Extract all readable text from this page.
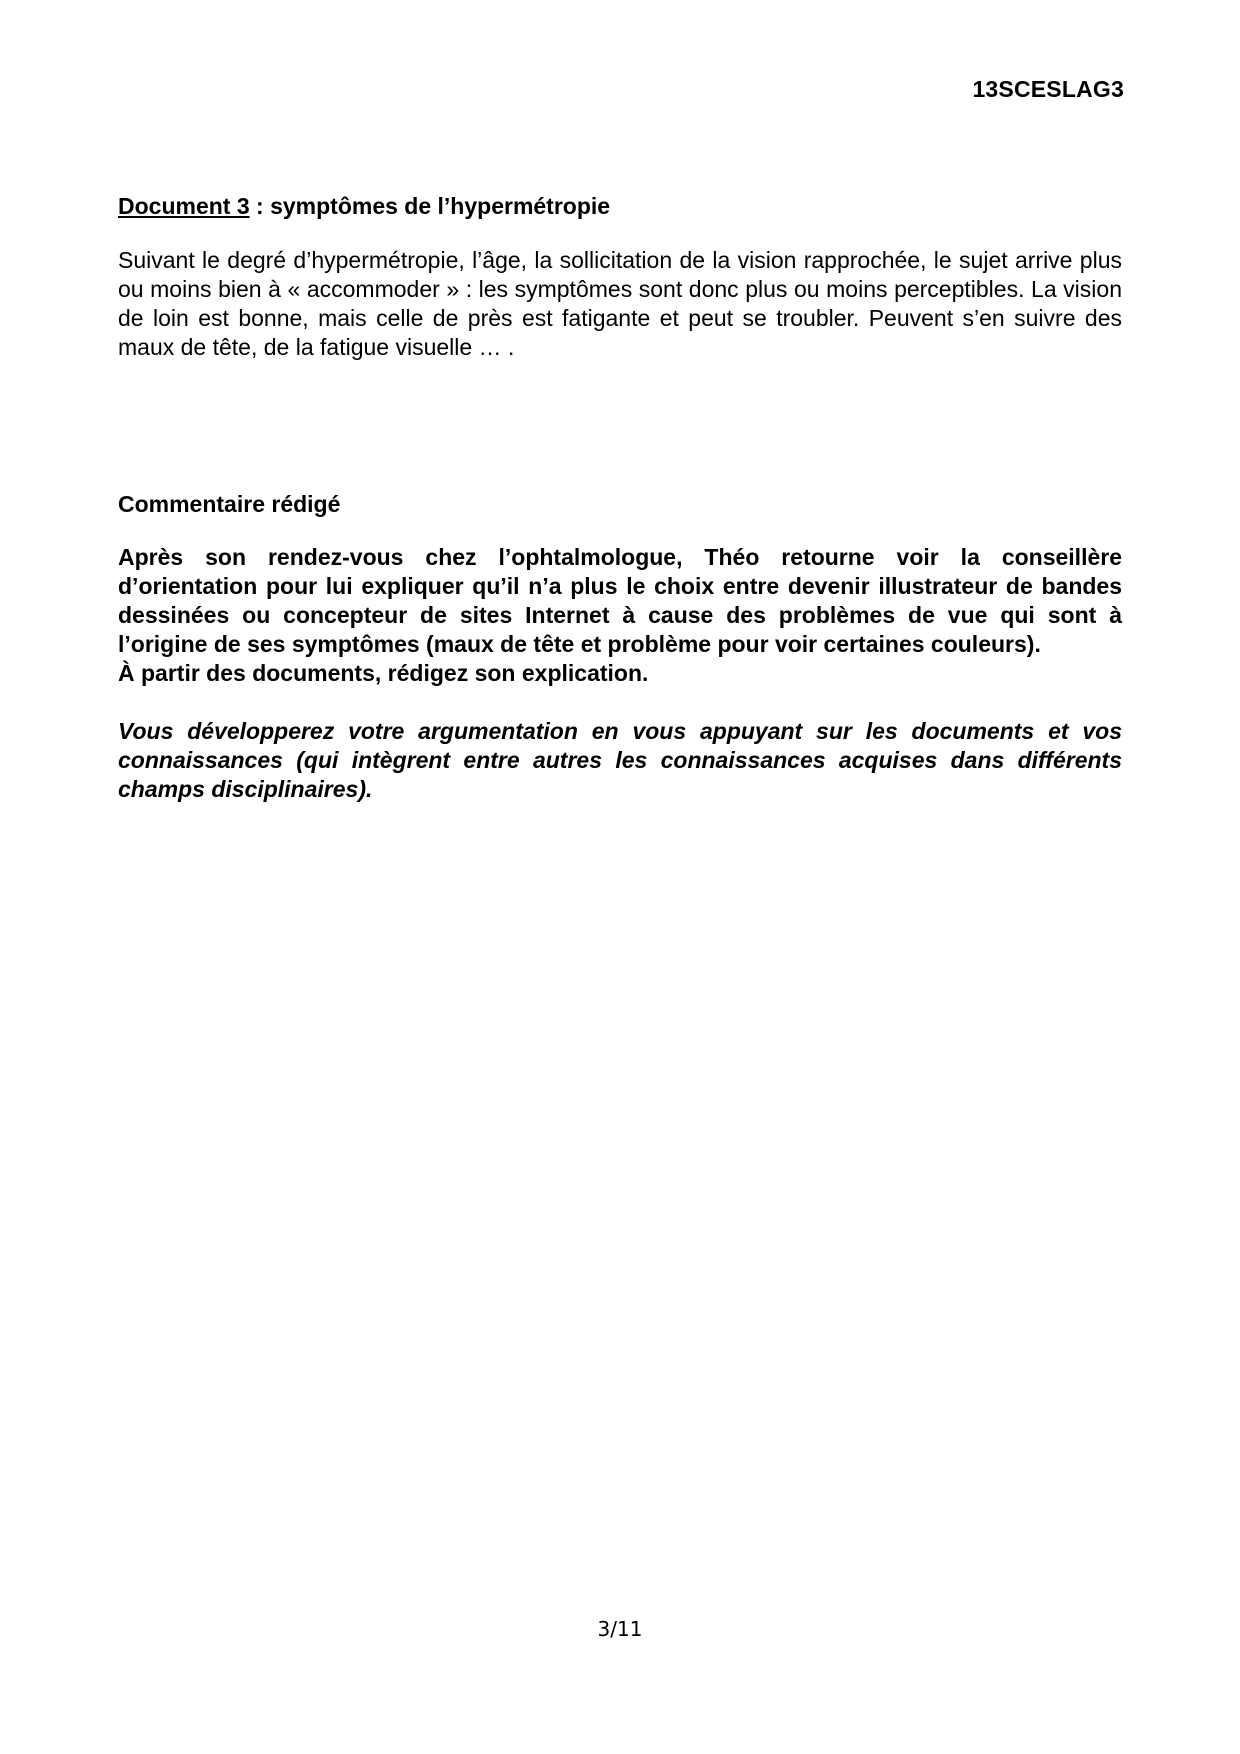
13SCESLAG3

Document 3 : symptômes de l’hypermétropie

Suivant le degré d’hypermétropie, l’âge, la sollicitation de la vision rapprochée, le sujet arrive plus ou moins bien à « accommoder » : les symptômes sont donc plus ou moins perceptibles. La vision de loin est bonne, mais celle de près est fatigante et peut se troubler. Peuvent s’en suivre des maux de tête, de la fatigue visuelle … .

Commentaire rédigé

Après son rendez-vous chez l’ophtalmologue, Théo retourne voir la conseillère d’orientation pour lui expliquer qu’il n’a plus le choix entre devenir illustrateur de bandes dessinées ou concepteur de sites Internet à cause des problèmes de vue qui sont à l’origine de ses symptômes (maux de tête et problème pour voir certaines couleurs).
À partir des documents, rédigez son explication.

Vous développerez votre argumentation en vous appuyant sur les documents et vos connaissances (qui intègrent entre autres les connaissances acquises dans différents champs disciplinaires).

3/11
